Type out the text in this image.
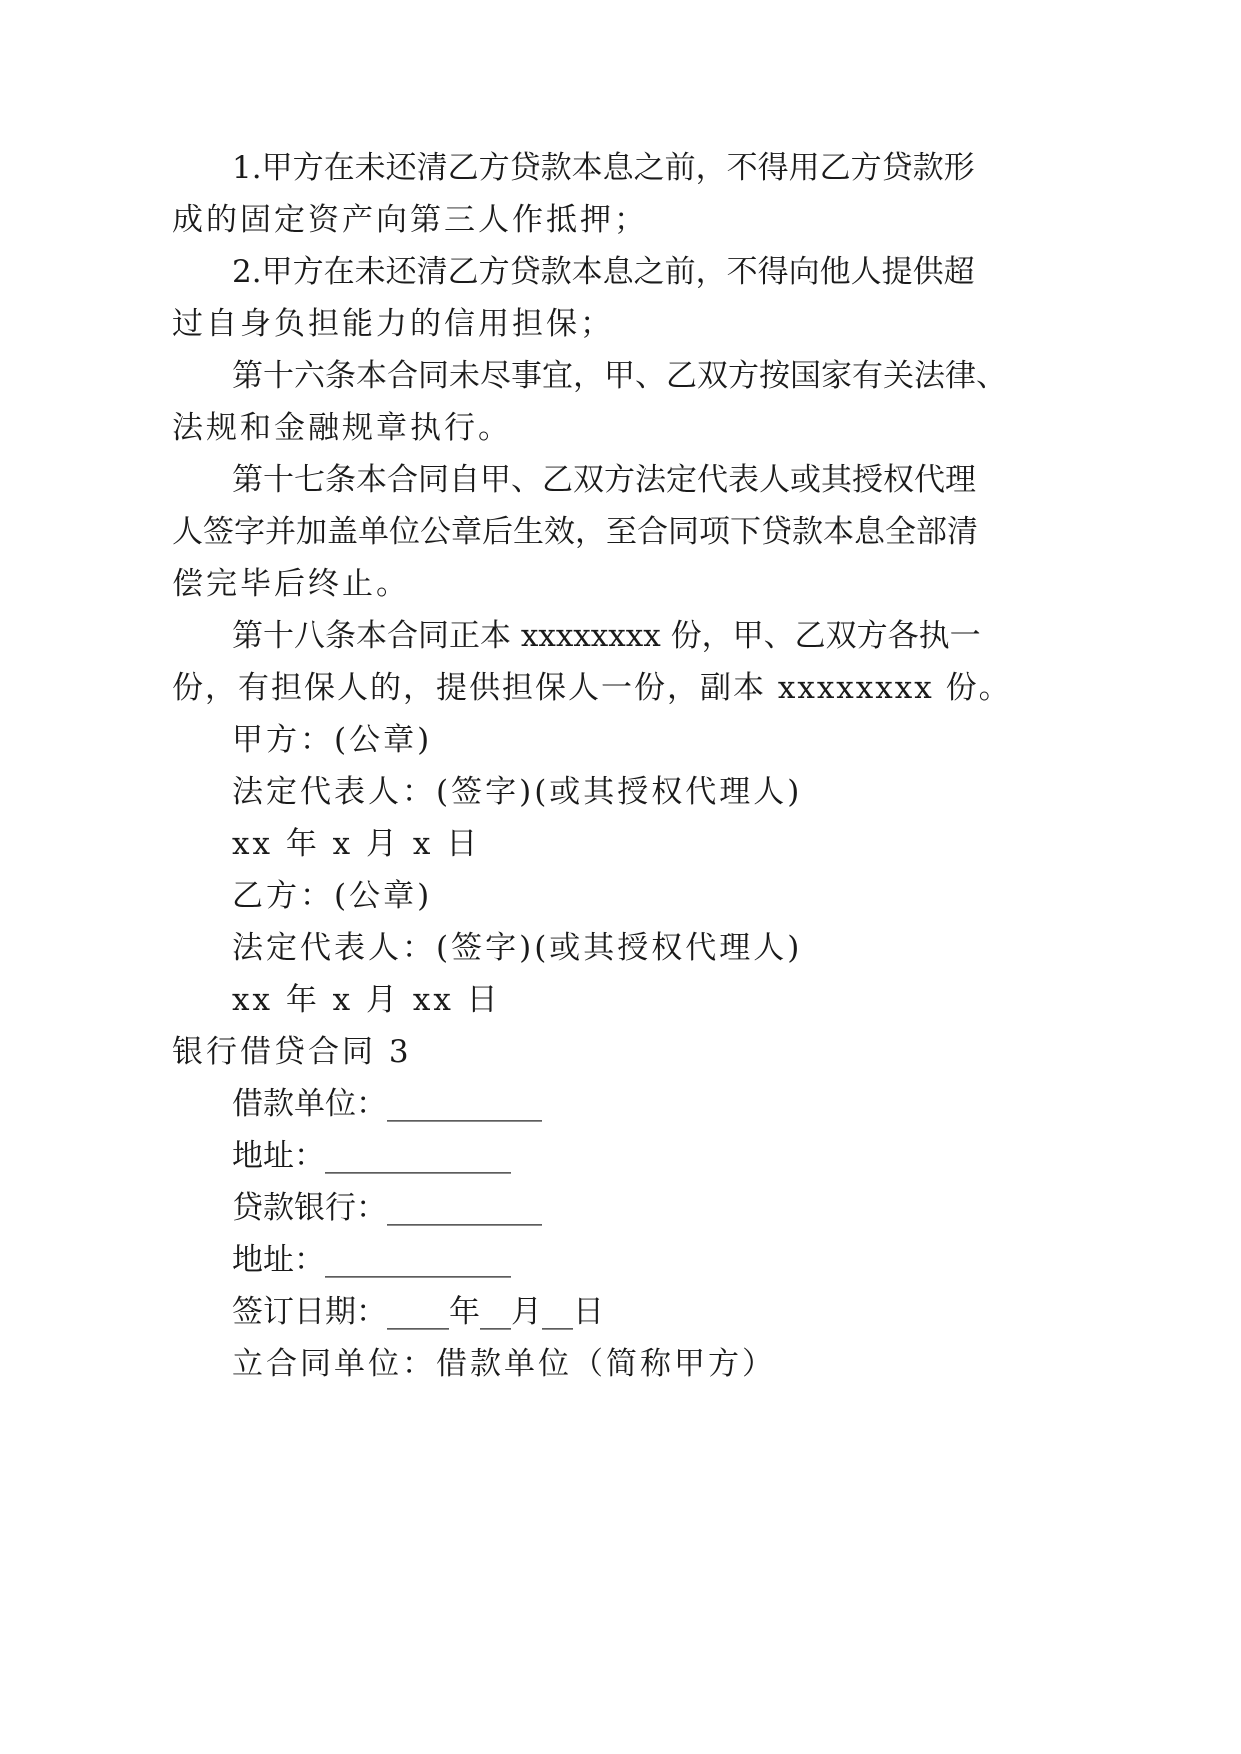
1.甲方在未还清乙方贷款本息之前，不得用乙方贷款形
成的固定资产向第三人作抵押；
2.甲方在未还清乙方贷款本息之前，不得向他人提供超
过自身负担能力的信用担保；
第十六条本合同未尽事宜，甲、乙双方按国家有关法律、
法规和金融规章执行。
第十七条本合同自甲、乙双方法定代表人或其授权代理
人签字并加盖单位公章后生效，至合同项下贷款本息全部清
偿完毕后终止。
第十八条本合同正本 xxxxxxxx 份，甲、乙双方各执一
份，有担保人的，提供担保人一份，副本 xxxxxxxx 份。
甲方：(公章)
法定代表人：(签字)(或其授权代理人)
xx 年 x 月 x 日
乙方：(公章)
法定代表人：(签字)(或其授权代理人)
xx 年 x 月 xx 日
银行借贷合同 3
借款单位：__________
地址：____________
贷款银行：__________
地址：____________
签订日期：____年__月__日
立合同单位：借款单位（简称甲方）
